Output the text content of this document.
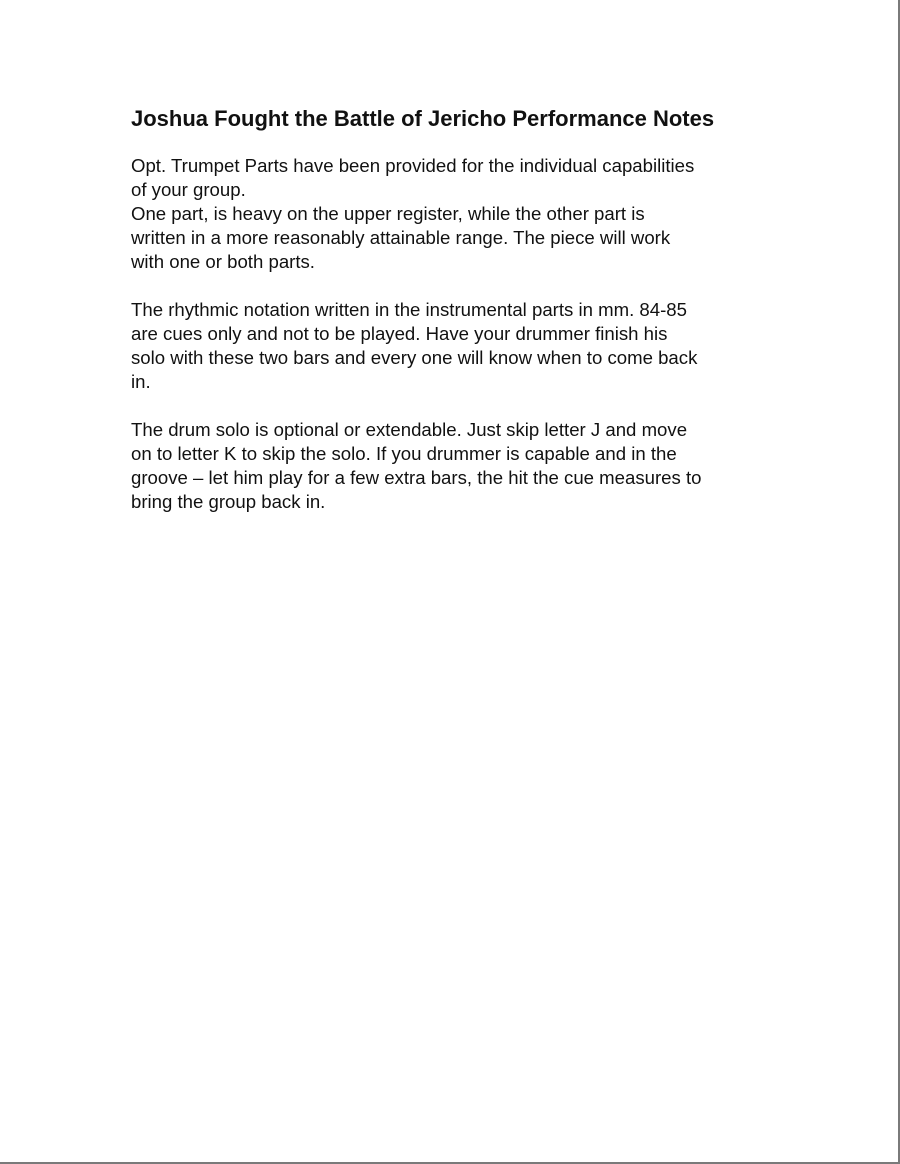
Joshua Fought the Battle of Jericho Performance Notes
Opt. Trumpet Parts have been provided for the individual capabilities
of your group.
One part, is heavy on the upper register, while the other part is
written in a more reasonably attainable range. The piece will work
with one or both parts.
The rhythmic notation written in the instrumental parts in mm. 84-85
are cues only and not to be played. Have your drummer finish his
solo with these two bars and every one will know when to come back
in.
The drum solo is optional or extendable. Just skip letter J and move
on to letter K to skip the solo. If you drummer is capable and in the
groove – let him play for a few extra bars, the hit the cue measures to
bring the group back in.
